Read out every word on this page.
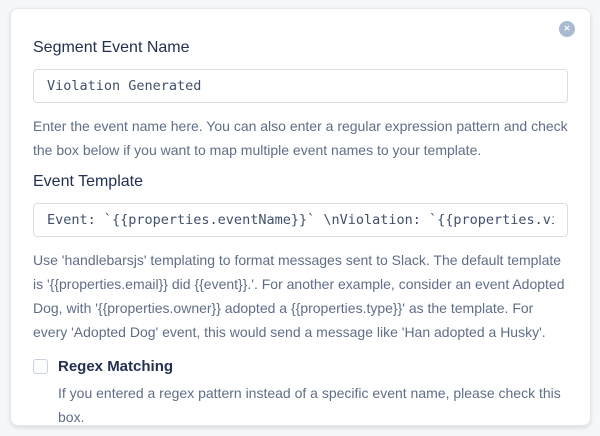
✕
Segment Event Name
Violation Generated
Enter the event name here. You can also enter a regular expression pattern and check the box below if you want to map multiple event names to your template.
Event Template
Event: `{{properties.eventName}}` \nViolation: `{{properties.violatio
Use 'handlebarsjs' templating to format messages sent to Slack. The default template is '{{properties.email}} did {{event}}.'. For another example, consider an event Adopted Dog, with '{{properties.owner}} adopted a {{properties.type}}' as the template. For every 'Adopted Dog' event, this would send a message like 'Han adopted a Husky'.
Regex Matching
If you entered a regex pattern instead of a specific event name, please check this box.
